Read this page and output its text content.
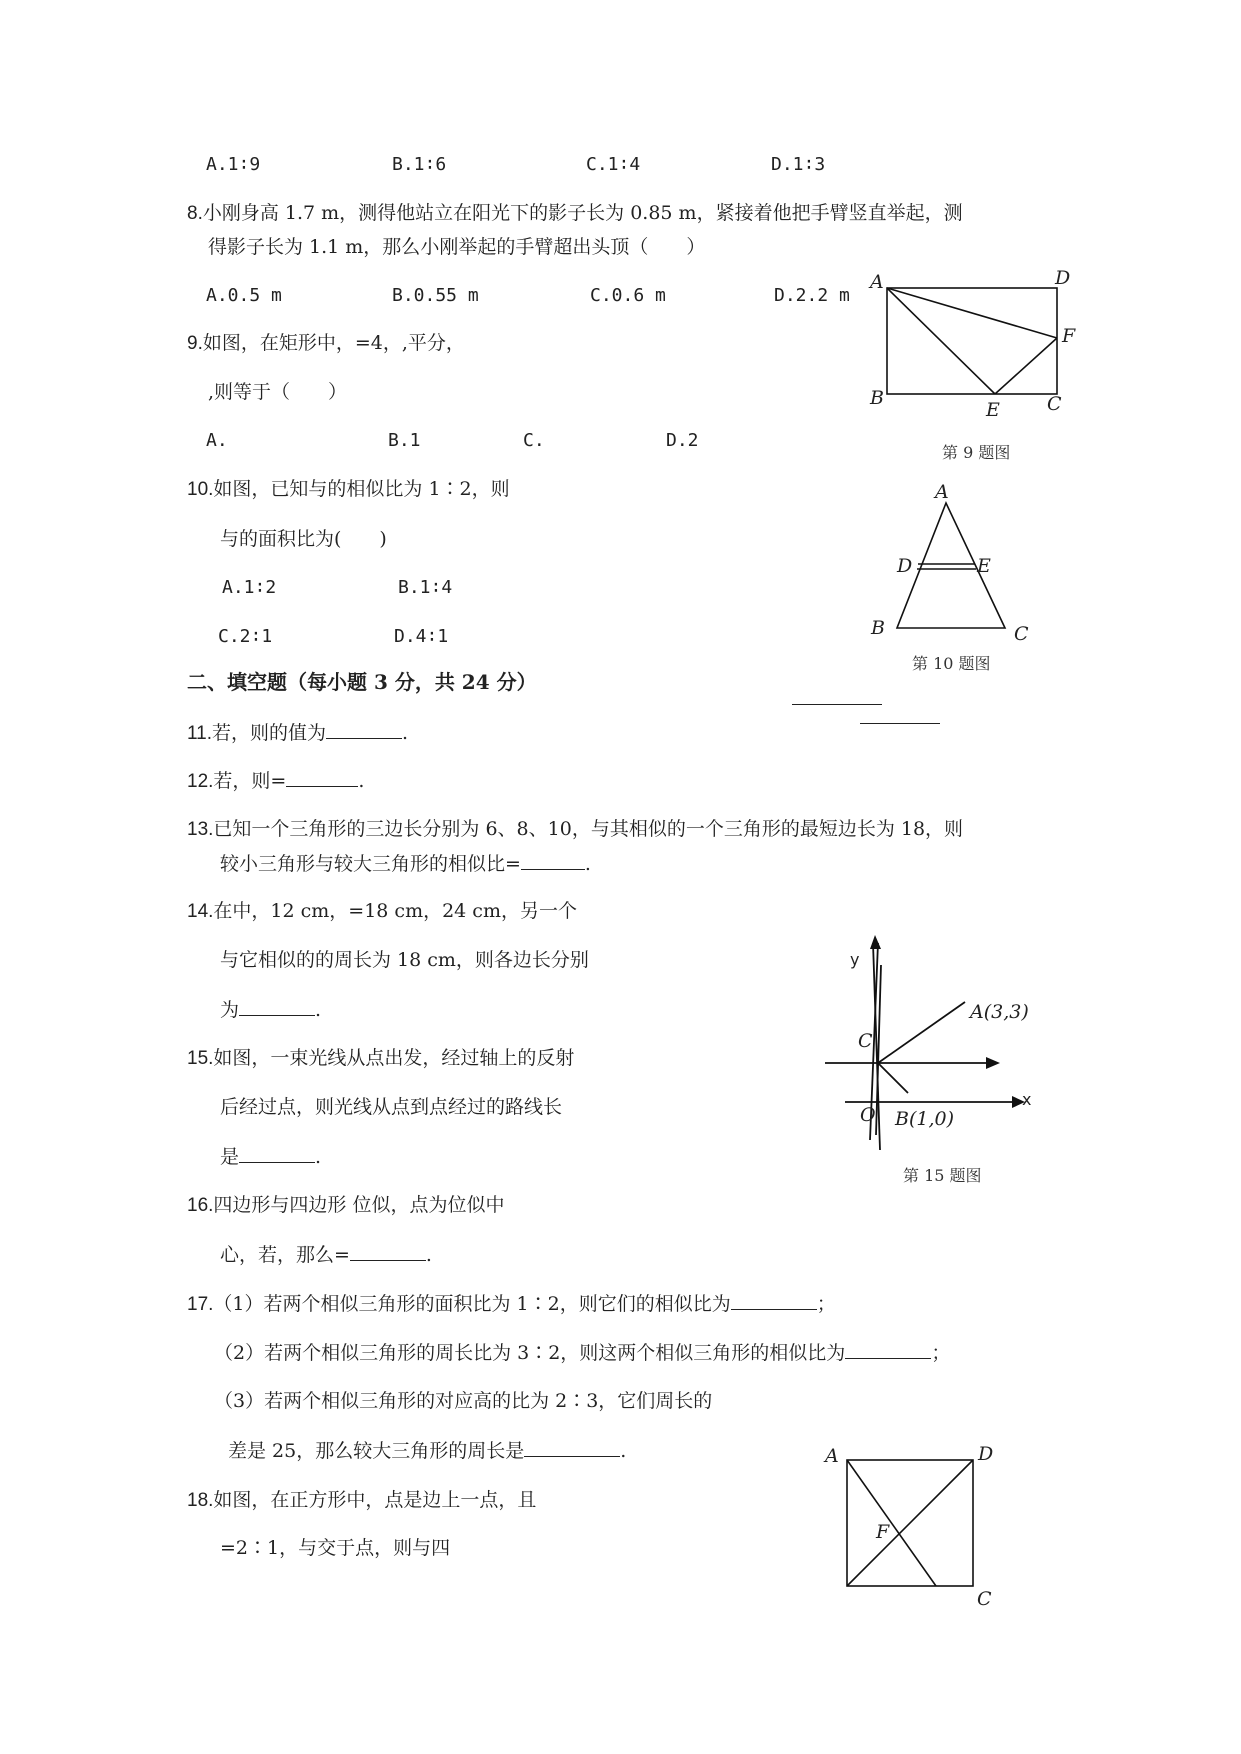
A.1∶9	B.1∶6	C.1∶4	D.1∶3
8.小刚身高 1.7 m，测得他站立在阳光下的影子长为 0.85 m，紧接着他把手臂竖直举起，测
得影子长为 1.1 m，那么小刚举起的手臂超出头顶（　　）
A.0.5 m	B.0.55 m	C.0.6 m	D.2.2 m
9.如图，在矩形中，=4，,平分，
,则等于（　　）
A.	B.1	C.	D.2
A	D
F
B
E C
第 9 题图
10.如图，已知与的相似比为 1∶2，则
与的面积比为(　　)
A.1∶2	B.1∶4
C.2∶1	D.4∶1
A
D	E
B	C
第 10 题图
二、填空题（每小题 3 分，共 24 分）
11.若，则的值为	.
12.若，则=	.
13.已知一个三角形的三边长分别为 6、8、10，与其相似的一个三角形的最短边长为 18，则
较小三角形与较大三角形的相似比=	.
14.在中，12 cm，=18 cm，24 cm，另一个
与它相似的的周长为 18 cm，则各边长分别
为	.
y
x
C
O
A(3,3)
B(1,0)
第 15 题图
15.如图，一束光线从点出发，经过轴上的反射
后经过点，则光线从点到点经过的路线长
是	.
16.四边形与四边形 位似，点为位似中
心，若，那么=	.
17.（1）若两个相似三角形的面积比为 1∶2，则它们的相似比为	；
（2）若两个相似三角形的周长比为 3∶2，则这两个相似三角形的相似比为	；
（3）若两个相似三角形的对应高的比为 2∶3，它们周长的
差是 25，那么较大三角形的周长是	.
18.如图，在正方形中，点是边上一点，且
=2∶1，与交于点，则与四
A	D
F
C
